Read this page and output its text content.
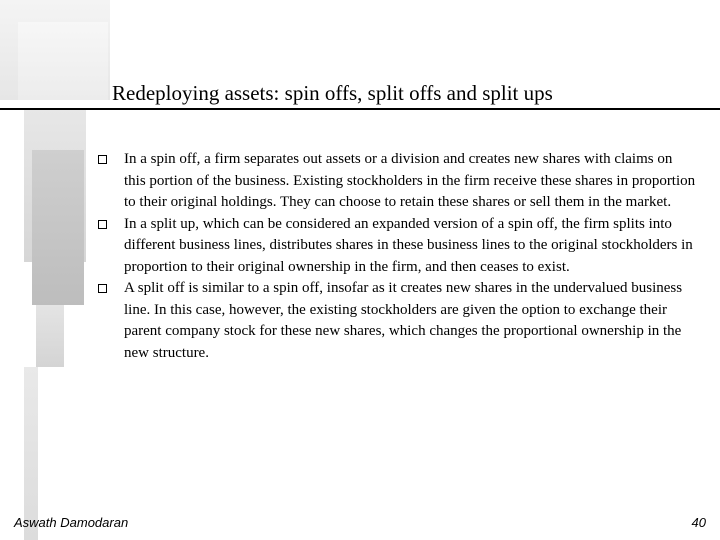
Redeploying assets: spin offs, split offs and split ups
In a spin off, a firm separates out assets or a division and creates new shares with claims on this portion of the business. Existing stockholders in the firm receive these shares in proportion to their original holdings. They can choose to retain these shares or sell them in the market.
In a split up, which can be considered an expanded version of a spin off, the firm splits into different business lines, distributes shares in these business lines to the original stockholders in proportion to their original ownership in the firm, and then ceases to exist.
A split off is similar to a spin off, insofar as it creates new shares in the undervalued business line. In this case, however, the existing stockholders are given the option to exchange their parent company stock for these new shares, which changes the proportional ownership in the new structure.
Aswath Damodaran	40
